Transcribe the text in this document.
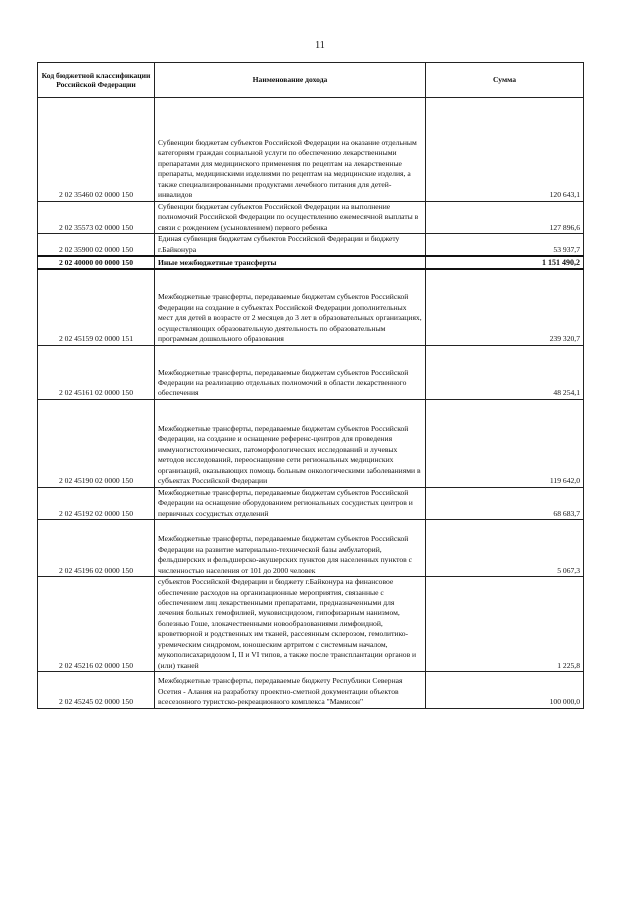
11
Код бюджетной классификации Российской Федерации	Наименование дохода	Сумма
2 02 35460 02 0000 150	Субвенции бюджетам субъектов Российской Федерации на оказание отдельным категориям граждан социальной услуги по обеспечению лекарственными препаратами для медицинского применения по рецептам на лекарственные препараты, медицинскими изделиями по рецептам на медицинские изделия, а также специализированными продуктами лечебного питания для детей-инвалидов	120 643,1
2 02 35573 02 0000 150	Субвенции бюджетам субъектов Российской Федерации на выполнение полномочий Российской Федерации по осуществлению ежемесячной выплаты в связи с рождением (усыновлением) первого ребенка	127 896,6
2 02 35900 02 0000 150	Единая субвенция бюджетам субъектов Российской Федерации и бюджету г.Байконура	53 937,7
2 02 40000 00 0000 150	Иные межбюджетные трансферты	1 151 490,2
2 02 45159 02 0000 151	Межбюджетные трансферты, передаваемые бюджетам субъектов Российской Федерации на создание в субъектах Российской Федерации дополнительных мест для детей в возрасте от 2 месяцев до 3 лет в образовательных организациях, осуществляющих образовательную деятельность по образовательным программам дошкольного образования	239 320,7
2 02 45161 02 0000 150	Межбюджетные трансферты, передаваемые бюджетам субъектов Российской Федерации на реализацию отдельных полномочий в области лекарственного обеспечения	48 254,1
2 02 45190 02 0000 150	Межбюджетные трансферты, передаваемые бюджетам субъектов Российской Федерации, на создание и оснащение референс-центров для проведения иммуногистохимических, патоморфологических исследований и лучевых методов исследований, переоснащение сети региональных медицинских организаций, оказывающих помощь больным онкологическими заболеваниями в субъектах Российской Федерации	119 642,0
2 02 45192 02 0000 150	Межбюджетные трансферты, передаваемые бюджетам субъектов Российской Федерации на оснащение оборудованием региональных сосудистых центров и первичных сосудистых отделений	68 683,7
2 02 45196 02 0000 150	Межбюджетные трансферты, передаваемые бюджетам субъектов Российской Федерации на развитие материально-технической базы амбулаторий, фельдшерских и фельдшерско-акушерских пунктов для населенных пунктов с численностью населения от 101 до 2000 человек	5 067,3
2 02 45216 02 0000 150	субъектов Российской Федерации и бюджету г.Байконура на финансовое обеспечение расходов на организационные мероприятия, связанные с обеспечением лиц лекарственными препаратами, предназначенными для лечения больных гемофилией, муковисцидозом, гипофизарным нанизмом, болезнью Гоше, злокачественными новообразованиями лимфоидной, кроветворной и родственных им тканей, рассеянным склерозом, гемолитико-уремическим синдромом, юношеским артритом с системным началом, мукополисахаридозом I, II и VI типов, а также после трансплантации органов и (или) тканей	1 225,8
2 02 45245 02 0000 150	Межбюджетные трансферты, передаваемые бюджету Республики Северная Осетия - Алания на разработку проектно-сметной документации объектов всесезонного туристско-рекреационного комплекса "Мамисон"	100 000,0
